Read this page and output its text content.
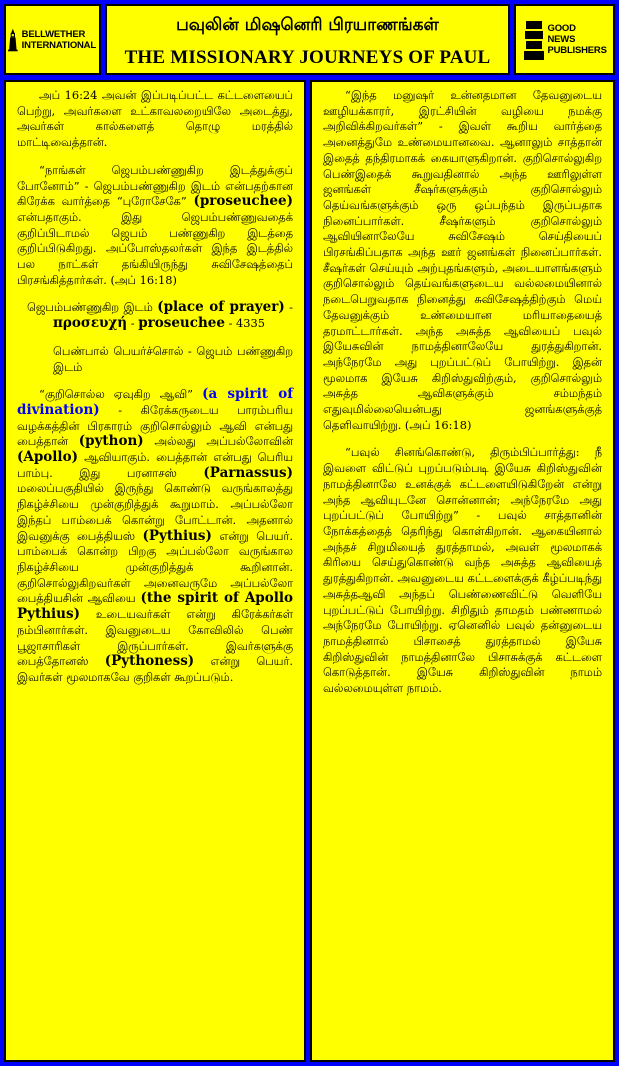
BELLWETHER INTERNATIONAL
பவுலின் மிஷனெரி பிரயாணங்கள்
THE MISSIONARY JOURNEYS OF PAUL
GOOD NEWS PUBLISHERS

அப் 16:24 அவன் இப்படிப்பட்ட கட்டளையைப் பெற்று, அவர்களை உட்காவலறையிலே அடைத்து, அவர்கள் கால்களைத் தொழு மரத்தில் மாட்டிவைத்தான்.

“நாங்கள் ஜெபம்பண்ணுகிற இடத்துக்குப் போனோம்” - ஜெபம்பண்ணுகிற இடம் என்பதற்கான கிரேக்க வார்த்தை “புரோசேகே” (proseuchee) என்பதாகும். இது ஜெபம்பண்ணுவதைக் குறிப்பிடாமல் ஜெபம் பண்ணுகிற இடத்தை குறிப்பிடுகிறது. அப்போஸ்தலர்கள் இந்த இடத்தில் பல நாட்கள் தங்கியிருந்து சுவிசேஷத்தைப் பிரசங்கித்தார்கள். (அப் 16:18)

ஜெபம்பண்ணுகிற இடம் (place of prayer) - προσευχή - proseuchee - 4335

பெண்பால் பெயர்ச்சொல் - ஜெபம் பண்ணுகிற இடம்

“குறிசொல்ல ஏவுகிற ஆவி” (a spirit of divination) - கிரேக்கருடைய பாரம்பரிய வழக்கத்தின் பிரகாரம் குறிசொல்லும் ஆவி என்பது பைத்தான் (python) அல்லது அப்பல்லோவின் (Apollo) ஆவியாகும். பைத்தான் என்பது பெரிய பாம்பு. இது பரனாசஸ் (Parnassus) மலைப்பகுதியில் இருந்து கொண்டு வருங்காலத்து நிகழ்ச்சியை முன்குறித்துக் கூறுமாம். அப்பல்லோ இந்தப் பாம்பைக் கொன்று போட்டான். அதனால் இவனுக்கு பைத்தியஸ் (Pythius) என்று பெயர். பாம்பைக் கொன்ற பிறகு அப்பல்லோ வருங்கால நிகழ்ச்சியை முன்குறித்துக் கூறினான். குறிசொல்லுகிறவர்கள் அனைவருமே அப்பல்லோ பைத்தியசின் ஆவியை (the spirit of Apollo Pythius) உடையவர்கள் என்று கிரேக்கர்கள் நம்பினார்கள். இவனுடைய கோவிலில் பெண் பூஜாசாரிகள் இருப்பார்கள். இவர்களுக்கு பைத்தோனஸ் (Pythoness) என்று பெயர். இவர்கள் மூலமாகவே குறிகள் கூறப்படும்.

“இந்த மனுஷர் உன்னதமான தேவனுடைய ஊழியக்காரர், இரட்சியின் வழியை நமக்கு அறிவிக்கிறவர்கள்” - இவள் கூறிய வார்த்தை அனைத்துமே உண்மையானவை. ஆனாலும் சாத்தான் இதைத் தந்திரமாகக் கையாளுகிறான். குறிசொல்லுகிற பெண்இதைக் கூறுவதினால் அந்த ஊரிலுள்ள ஜனங்கள் சீஷர்களுக்கும் குறிசொல்லும் தெய்வங்களுக்கும் ஒரு ஒப்பந்தம் இருப்பதாக நினைப்பார்கள். சீஷர்களும் குறிசொல்லும் ஆவியினாலேயே சுவிசேஷம் செய்தியைப் பிரசங்கிப்பதாக அந்த ஊர் ஜனங்கள் நினைப்பார்கள். சீஷர்கள் செய்யும் அற்புதங்களும், அடையாளங்களும் குறிசொல்லும் தெய்வங்களுடைய வல்லமையினால் நடைபெறுவதாக நினைத்து சுவிசேஷத்திற்கும் மெய் தேவனுக்கும் உண்மையான மரியாதையைத் தரமாட்டார்கள். அந்த அசுத்த ஆவியைப் பவுல் இயேசுவின் நாமத்தினாலேயே துரத்துகிறான். அந்நேரமே அது புறப்பட்டுப் போயிற்று. இதன் மூலமாக இயேசு கிறிஸ்துவிற்கும், குறிசொல்லும் அசுத்த ஆவிகளுக்கும் சம்மந்தம் எதுவுமில்லையென்பது ஜனங்களுக்குத் தெளிவாயிற்று. (அப் 16:18)

“பவுல் சினங்கொண்டு, திரும்பிப்பார்த்து: நீ இவளை விட்டுப் புறப்படும்படி இயேசு கிறிஸ்துவின் நாமத்தினாலே உனக்குக் கட்டளையிடுகிறேன் என்று அந்த ஆவியுடனே சொன்னான்; அந்நேரமே அது புறப்பட்டுப் போயிற்று” - பவுல் சாத்தானின் நோக்கத்தைத் தெரிந்து கொள்கிறான். ஆகையினால் அந்தச் சிறுமியைத் துரத்தாமல், அவள் மூலமாகக் கிரியை செய்துகொண்டு வந்த அசுத்த ஆவியைத் துரத்துகிறான். அவனுடைய கட்டளைக்குக் கீழ்ப்படிந்து அசுத்தஆவி அந்தப் பெண்ணைவிட்டு வெளியே புறப்பட்டுப் போயிற்று. சிறிதும் தாமதம் பண்ணாமல் அந்நேரமே போயிற்று. ஏனெனில் பவுல் தன்னுடைய நாமத்தினால் பிசாசைத் துரத்தாமல் இயேசு கிறிஸ்துவின் நாமத்தினாலே பிசாசுக்குக் கட்டளை கொடுத்தான். இயேசு கிறிஸ்துவின் நாமம் வல்லமையுள்ள நாமம்.
